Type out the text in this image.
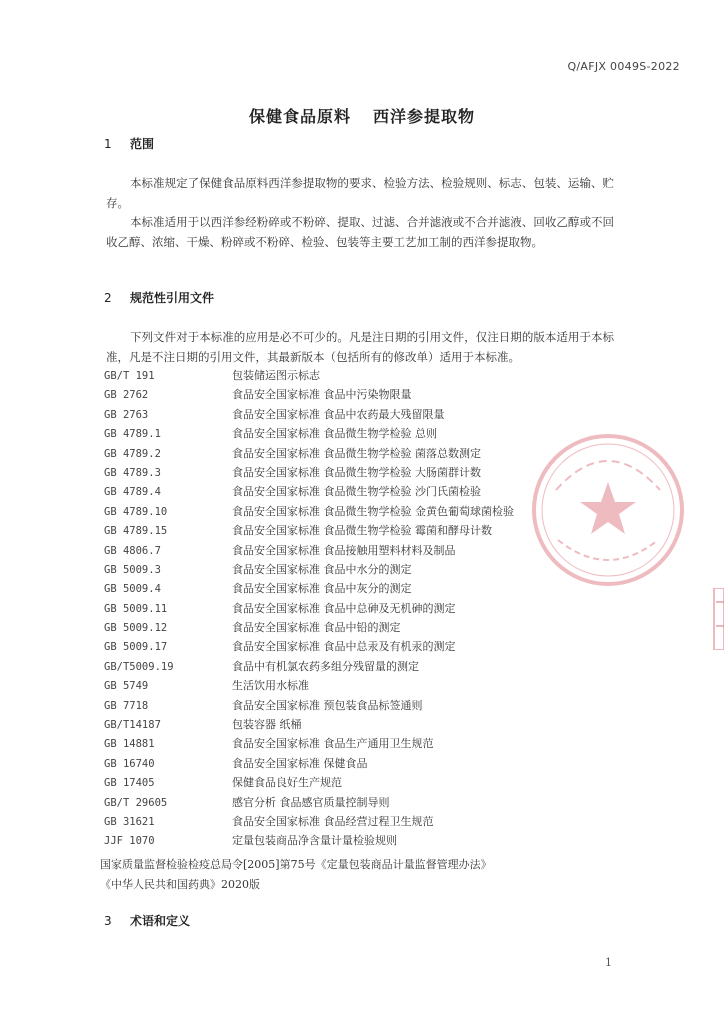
Q/AFJX 0049S-2022
保健食品原料 西洋参提取物
1 范围

本标准规定了保健食品原料西洋参提取物的要求、检验方法、检验规则、标志、包装、运输、贮存。

本标准适用于以西洋参经粉碎或不粉碎、提取、过滤、合并滤液或不合并滤液、回收乙醇或不回收乙醇、浓缩、干燥、粉碎或不粉碎、检验、包装等主要工艺加工制的西洋参提取物。

2 规范性引用文件

下列文件对于本标准的应用是必不可少的。凡是注日期的引用文件，仅注日期的版本适用于本标准，凡是不注日期的引用文件，其最新版本（包括所有的修改单）适用于本标准。

GB/T 191	包装储运图示标志
GB 2762	食品安全国家标准 食品中污染物限量
GB 2763	食品安全国家标准 食品中农药最大残留限量
GB 4789.1	食品安全国家标准 食品微生物学检验 总则
GB 4789.2	食品安全国家标准 食品微生物学检验 菌落总数测定
GB 4789.3	食品安全国家标准 食品微生物学检验 大肠菌群计数
GB 4789.4	食品安全国家标准 食品微生物学检验 沙门氏菌检验
GB 4789.10	食品安全国家标准 食品微生物学检验 金黄色葡萄球菌检验
GB 4789.15	食品安全国家标准 食品微生物学检验 霉菌和酵母计数
GB 4806.7	食品安全国家标准 食品接触用塑料材料及制品
GB 5009.3	食品安全国家标准 食品中水分的测定
GB 5009.4	食品安全国家标准 食品中灰分的测定
GB 5009.11	食品安全国家标准 食品中总砷及无机砷的测定
GB 5009.12	食品安全国家标准 食品中铅的测定
GB 5009.17	食品安全国家标准 食品中总汞及有机汞的测定
GB/T5009.19	食品中有机氯农药多组分残留量的测定
GB 5749	生活饮用水标准
GB 7718	食品安全国家标准 预包装食品标签通则
GB/T14187	包装容器 纸桶
GB 14881	食品安全国家标准 食品生产通用卫生规范
GB 16740	食品安全国家标准 保健食品
GB 17405	保健食品良好生产规范
GB/T 29605	感官分析 食品感官质量控制导则
GB 31621	食品安全国家标准 食品经营过程卫生规范
JJF 1070	定量包装商品净含量计量检验规则
国家质量监督检验检疫总局令[2005]第75号《定量包装商品计量监督管理办法》
《中华人民共和国药典》2020版
3 术语和定义
1
